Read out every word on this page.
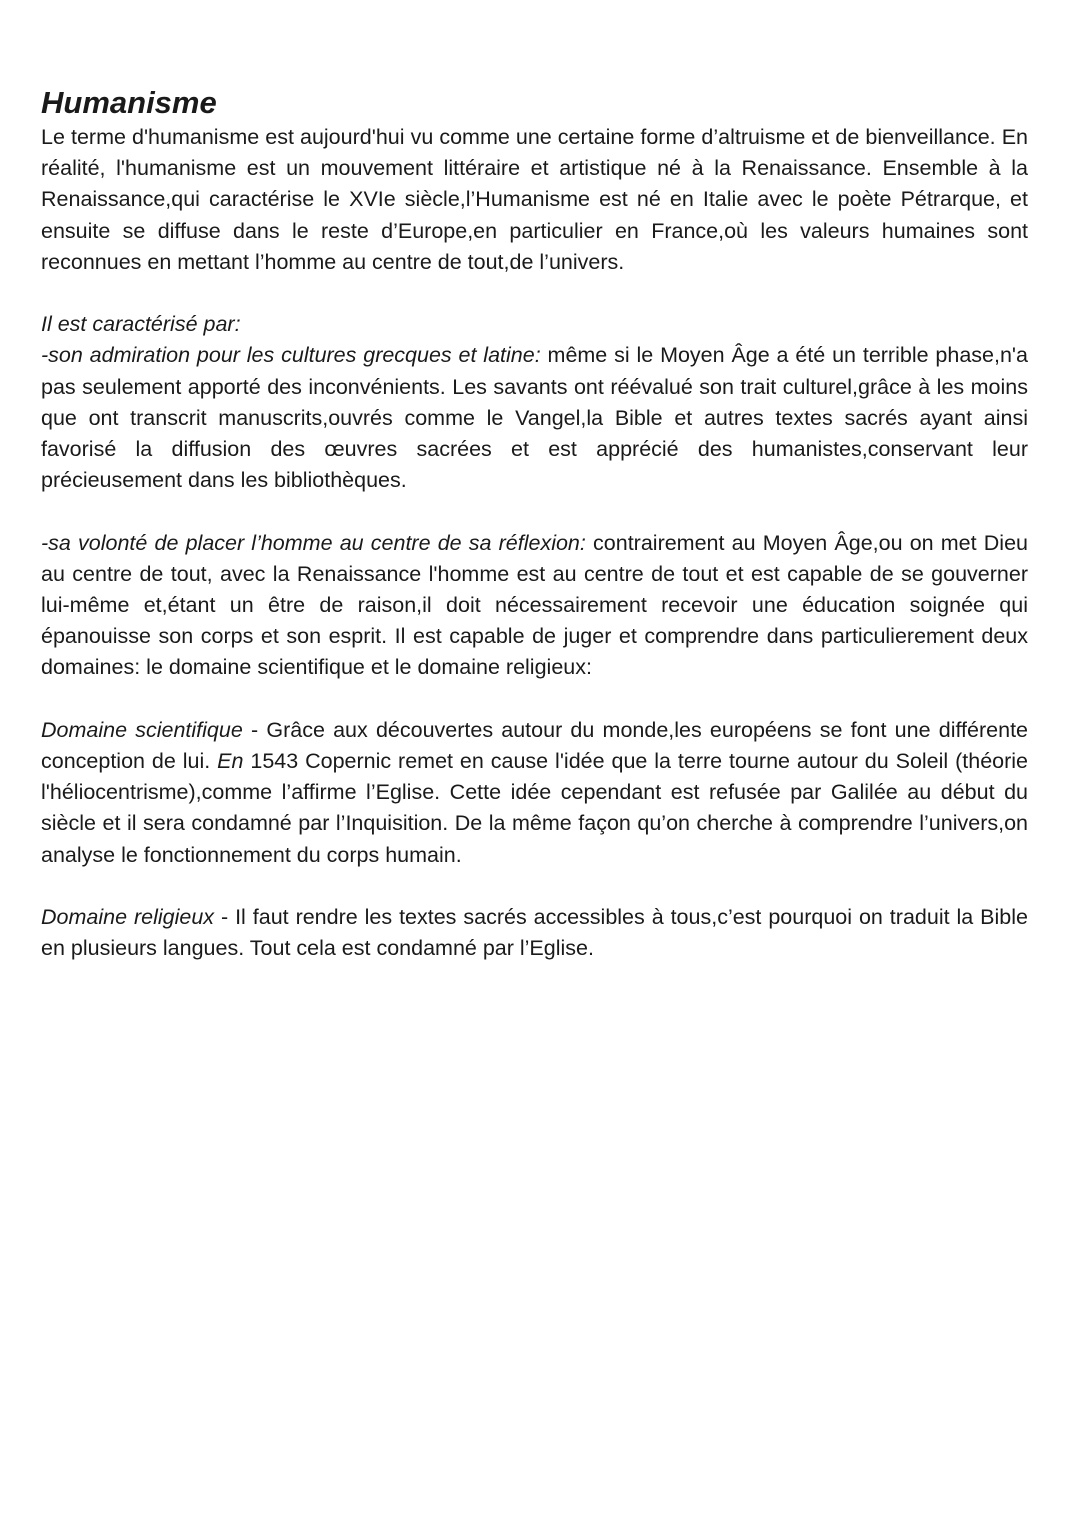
Humanisme

Le terme d'humanisme est aujourd'hui vu comme une certaine forme d’altruisme et de bienveillance. En réalité, l'humanisme est un mouvement littéraire et artistique né à la Renaissance. Ensemble à la Renaissance,qui caractérise le XVIe siècle,l’Humanisme est né en Italie avec le poète Pétrarque, et ensuite se diffuse dans le reste d’Europe,en particulier en France,où les valeurs humaines sont reconnues en mettant l’homme au centre de tout,de l’univers.

Il est caractérisé par:

-son admiration pour les cultures grecques et latine: même si le Moyen Âge a été un terrible phase,n'a pas seulement apporté des inconvénients. Les savants ont réévalué son trait culturel,grâce à les moins que ont transcrit manuscrits,ouvrés comme le Vangel,la Bible et autres textes sacrés ayant ainsi favorisé la diffusion des œuvres sacrées et est apprécié des humanistes,conservant leur précieusement dans les bibliothèques.

-sa volonté de placer l’homme au centre de sa réflexion: contrairement au Moyen Âge,ou on met Dieu au centre de tout, avec la Renaissance l'homme est au centre de tout et est capable de se gouverner lui-même et,étant un être de raison,il doit nécessairement recevoir une éducation soignée qui épanouisse son corps et son esprit. Il est capable de juger et comprendre dans particulierement deux domaines: le domaine scientifique et le domaine religieux:

Domaine scientifique - Grâce aux découvertes autour du monde,les européens se font une différente conception de lui. En 1543 Copernic remet en cause l'idée que la terre tourne autour du Soleil (théorie l'héliocentrisme),comme l’affirme l’Eglise. Cette idée cependant est refusée par Galilée au début du siècle et il sera condamné par l’Inquisition. De la même façon qu’on cherche à comprendre l’univers,on analyse le fonctionnement du corps humain.

Domaine religieux - Il faut rendre les textes sacrés accessibles à tous,c’est pourquoi on traduit la Bible en plusieurs langues. Tout cela est condamné par l’Eglise.
